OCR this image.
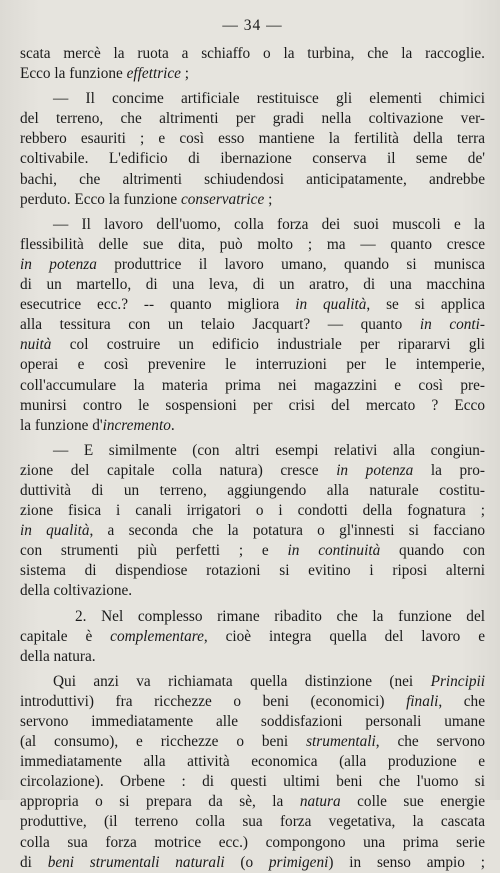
— 34 —
scata mercè la ruota a schiaffo o la turbina, che la raccoglie.
Ecco la funzione effettrice ;
— Il concime artificiale restituisce gli elementi chimici
del terreno, che altrimenti per gradi nella coltivazione ver-
rebbero esauriti ; e così esso mantiene la fertilità della terra
coltivabile. L'edificio di ibernazione conserva il seme de'
bachi, che altrimenti schiudendosi anticipatamente, andrebbe
perduto. Ecco la funzione conservatrice ;
— Il lavoro dell'uomo, colla forza dei suoi muscoli e la
flessibilità delle sue dita, può molto ; ma — quanto cresce
in potenza produttrice il lavoro umano, quando si munisca
di un martello, di una leva, di un aratro, di una macchina
esecutrice ecc.? -- quanto migliora in qualità, se si applica
alla tessitura con un telaio Jacquart? — quanto in conti-
nuità col costruire un edificio industriale per ripararvi gli
operai e così prevenire le interruzioni per le intemperie,
coll'accumulare la materia prima nei magazzini e così pre-
munirsi contro le sospensioni per crisi del mercato ? Ecco
la funzione d'incremento.
— E similmente (con altri esempi relativi alla congiun-
zione del capitale colla natura) cresce in potenza la pro-
duttività di un terreno, aggiungendo alla naturale costitu-
zione fisica i canali irrigatori o i condotti della fognatura ;
in qualità, a seconda che la potatura o gl'innesti si facciano
con strumenti più perfetti ; e in continuità quando con
sistema di dispendiose rotazioni si evitino i riposi alterni
della coltivazione.
2. Nel complesso rimane ribadito che la funzione del
capitale è complementare, cioè integra quella del lavoro e
della natura.
Qui anzi va richiamata quella distinzione (nei Principii
introduttivi) fra ricchezze o beni (economici) finali, che
servono immediatamente alle soddisfazioni personali umane
(al consumo), e ricchezze o beni strumentali, che servono
immediatamente alla attività economica (alla produzione e
circolazione). Orbene : di questi ultimi beni che l'uomo si
appropria o si prepara da sè, la natura colle sue energie
produttive, (il terreno colla sua forza vegetativa, la cascata
colla sua forza motrice ecc.) compongono una prima serie
di beni strumentali naturali (o primigeni) in senso ampio ;
